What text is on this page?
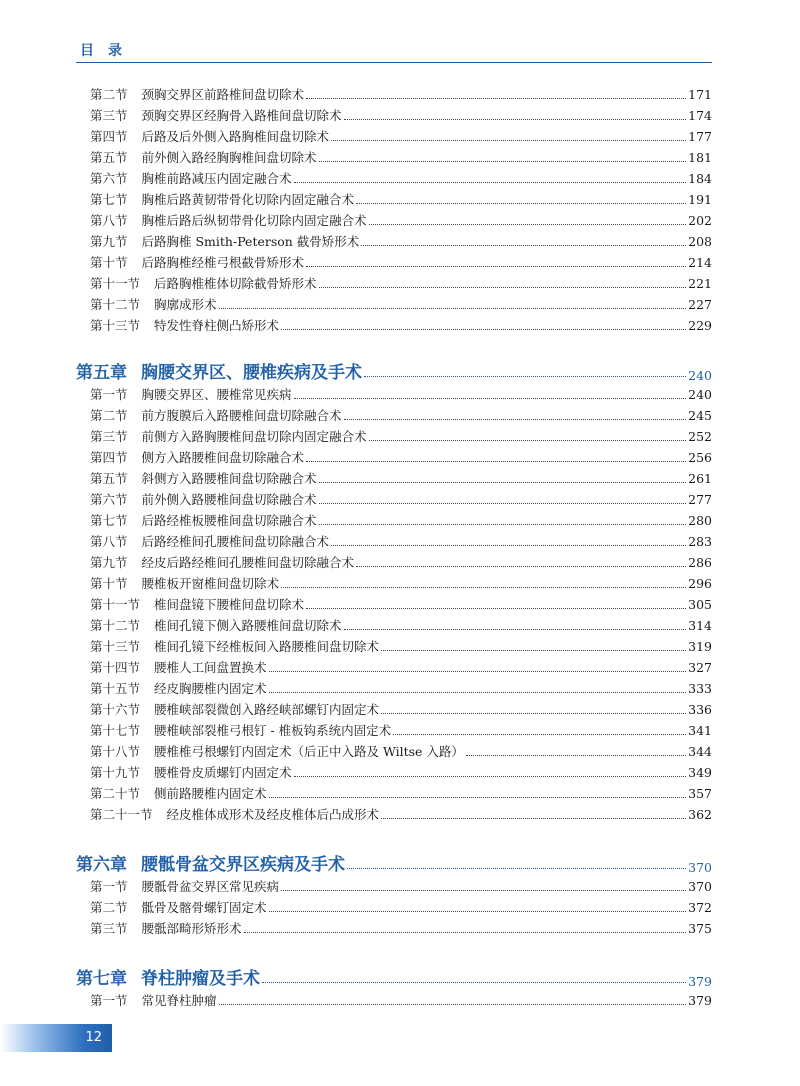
目录
第二节	颈胸交界区前路椎间盘切除术	171
第三节	颈胸交界区经胸骨入路椎间盘切除术	174
第四节	后路及后外侧入路胸椎间盘切除术	177
第五节	前外侧入路经胸胸椎间盘切除术	181
第六节	胸椎前路减压内固定融合术	184
第七节	胸椎后路黄韧带骨化切除内固定融合术	191
第八节	胸椎后路后纵韧带骨化切除内固定融合术	202
第九节	后路胸椎 Smith-Peterson 截骨矫形术	208
第十节	后路胸椎经椎弓根截骨矫形术	214
第十一节	后路胸椎椎体切除截骨矫形术	221
第十二节	胸廓成形术	227
第十三节	特发性脊柱侧凸矫形术	229
第五章 胸腰交界区、腰椎疾病及手术	240
第一节	胸腰交界区、腰椎常见疾病	240
第二节	前方腹膜后入路腰椎间盘切除融合术	245
第三节	前侧方入路胸腰椎间盘切除内固定融合术	252
第四节	侧方入路腰椎间盘切除融合术	256
第五节	斜侧方入路腰椎间盘切除融合术	261
第六节	前外侧入路腰椎间盘切除融合术	277
第七节	后路经椎板腰椎间盘切除融合术	280
第八节	后路经椎间孔腰椎间盘切除融合术	283
第九节	经皮后路经椎间孔腰椎间盘切除融合术	286
第十节	腰椎板开窗椎间盘切除术	296
第十一节	椎间盘镜下腰椎间盘切除术	305
第十二节	椎间孔镜下侧入路腰椎间盘切除术	314
第十三节	椎间孔镜下经椎板间入路腰椎间盘切除术	319
第十四节	腰椎人工间盘置换术	327
第十五节	经皮胸腰椎内固定术	333
第十六节	腰椎峡部裂微创入路经峡部螺钉内固定术	336
第十七节	腰椎峡部裂椎弓根钉 - 椎板钩系统内固定术	341
第十八节	腰椎椎弓根螺钉内固定术（后正中入路及 Wiltse 入路）	344
第十九节	腰椎骨皮质螺钉内固定术	349
第二十节	侧前路腰椎内固定术	357
第二十一节	经皮椎体成形术及经皮椎体后凸成形术	362
第六章 腰骶骨盆交界区疾病及手术	370
第一节	腰骶骨盆交界区常见疾病	370
第二节	骶骨及髂骨螺钉固定术	372
第三节	腰骶部畸形矫形术	375
第七章 脊柱肿瘤及手术	379
第一节	常见脊柱肿瘤	379
12
